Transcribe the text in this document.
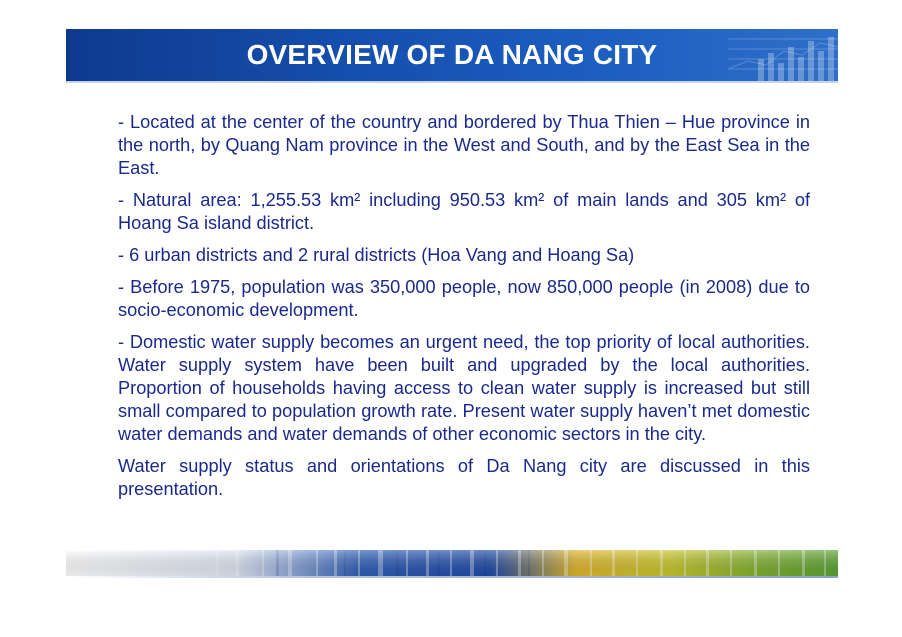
OVERVIEW OF DA NANG CITY

- Located at the center of the country and bordered by Thua Thien – Hue province in the north, by Quang Nam province in the West and South, and by the East Sea in the East.

- Natural area: 1,255.53 km² including 950.53 km² of main lands and 305 km² of Hoang Sa island district.

- 6 urban districts and 2 rural districts (Hoa Vang and Hoang Sa)

- Before 1975, population was 350,000 people, now 850,000 people (in 2008) due to socio-economic development.

- Domestic water supply becomes an urgent need, the top priority of local authorities. Water supply system have been built and upgraded by the local authorities. Proportion of households having access to clean water supply is increased but still small compared to population growth rate. Present water supply haven’t met domestic water demands and water demands of other economic sectors in the city.

Water supply status and orientations of Da Nang city are discussed in this presentation.
